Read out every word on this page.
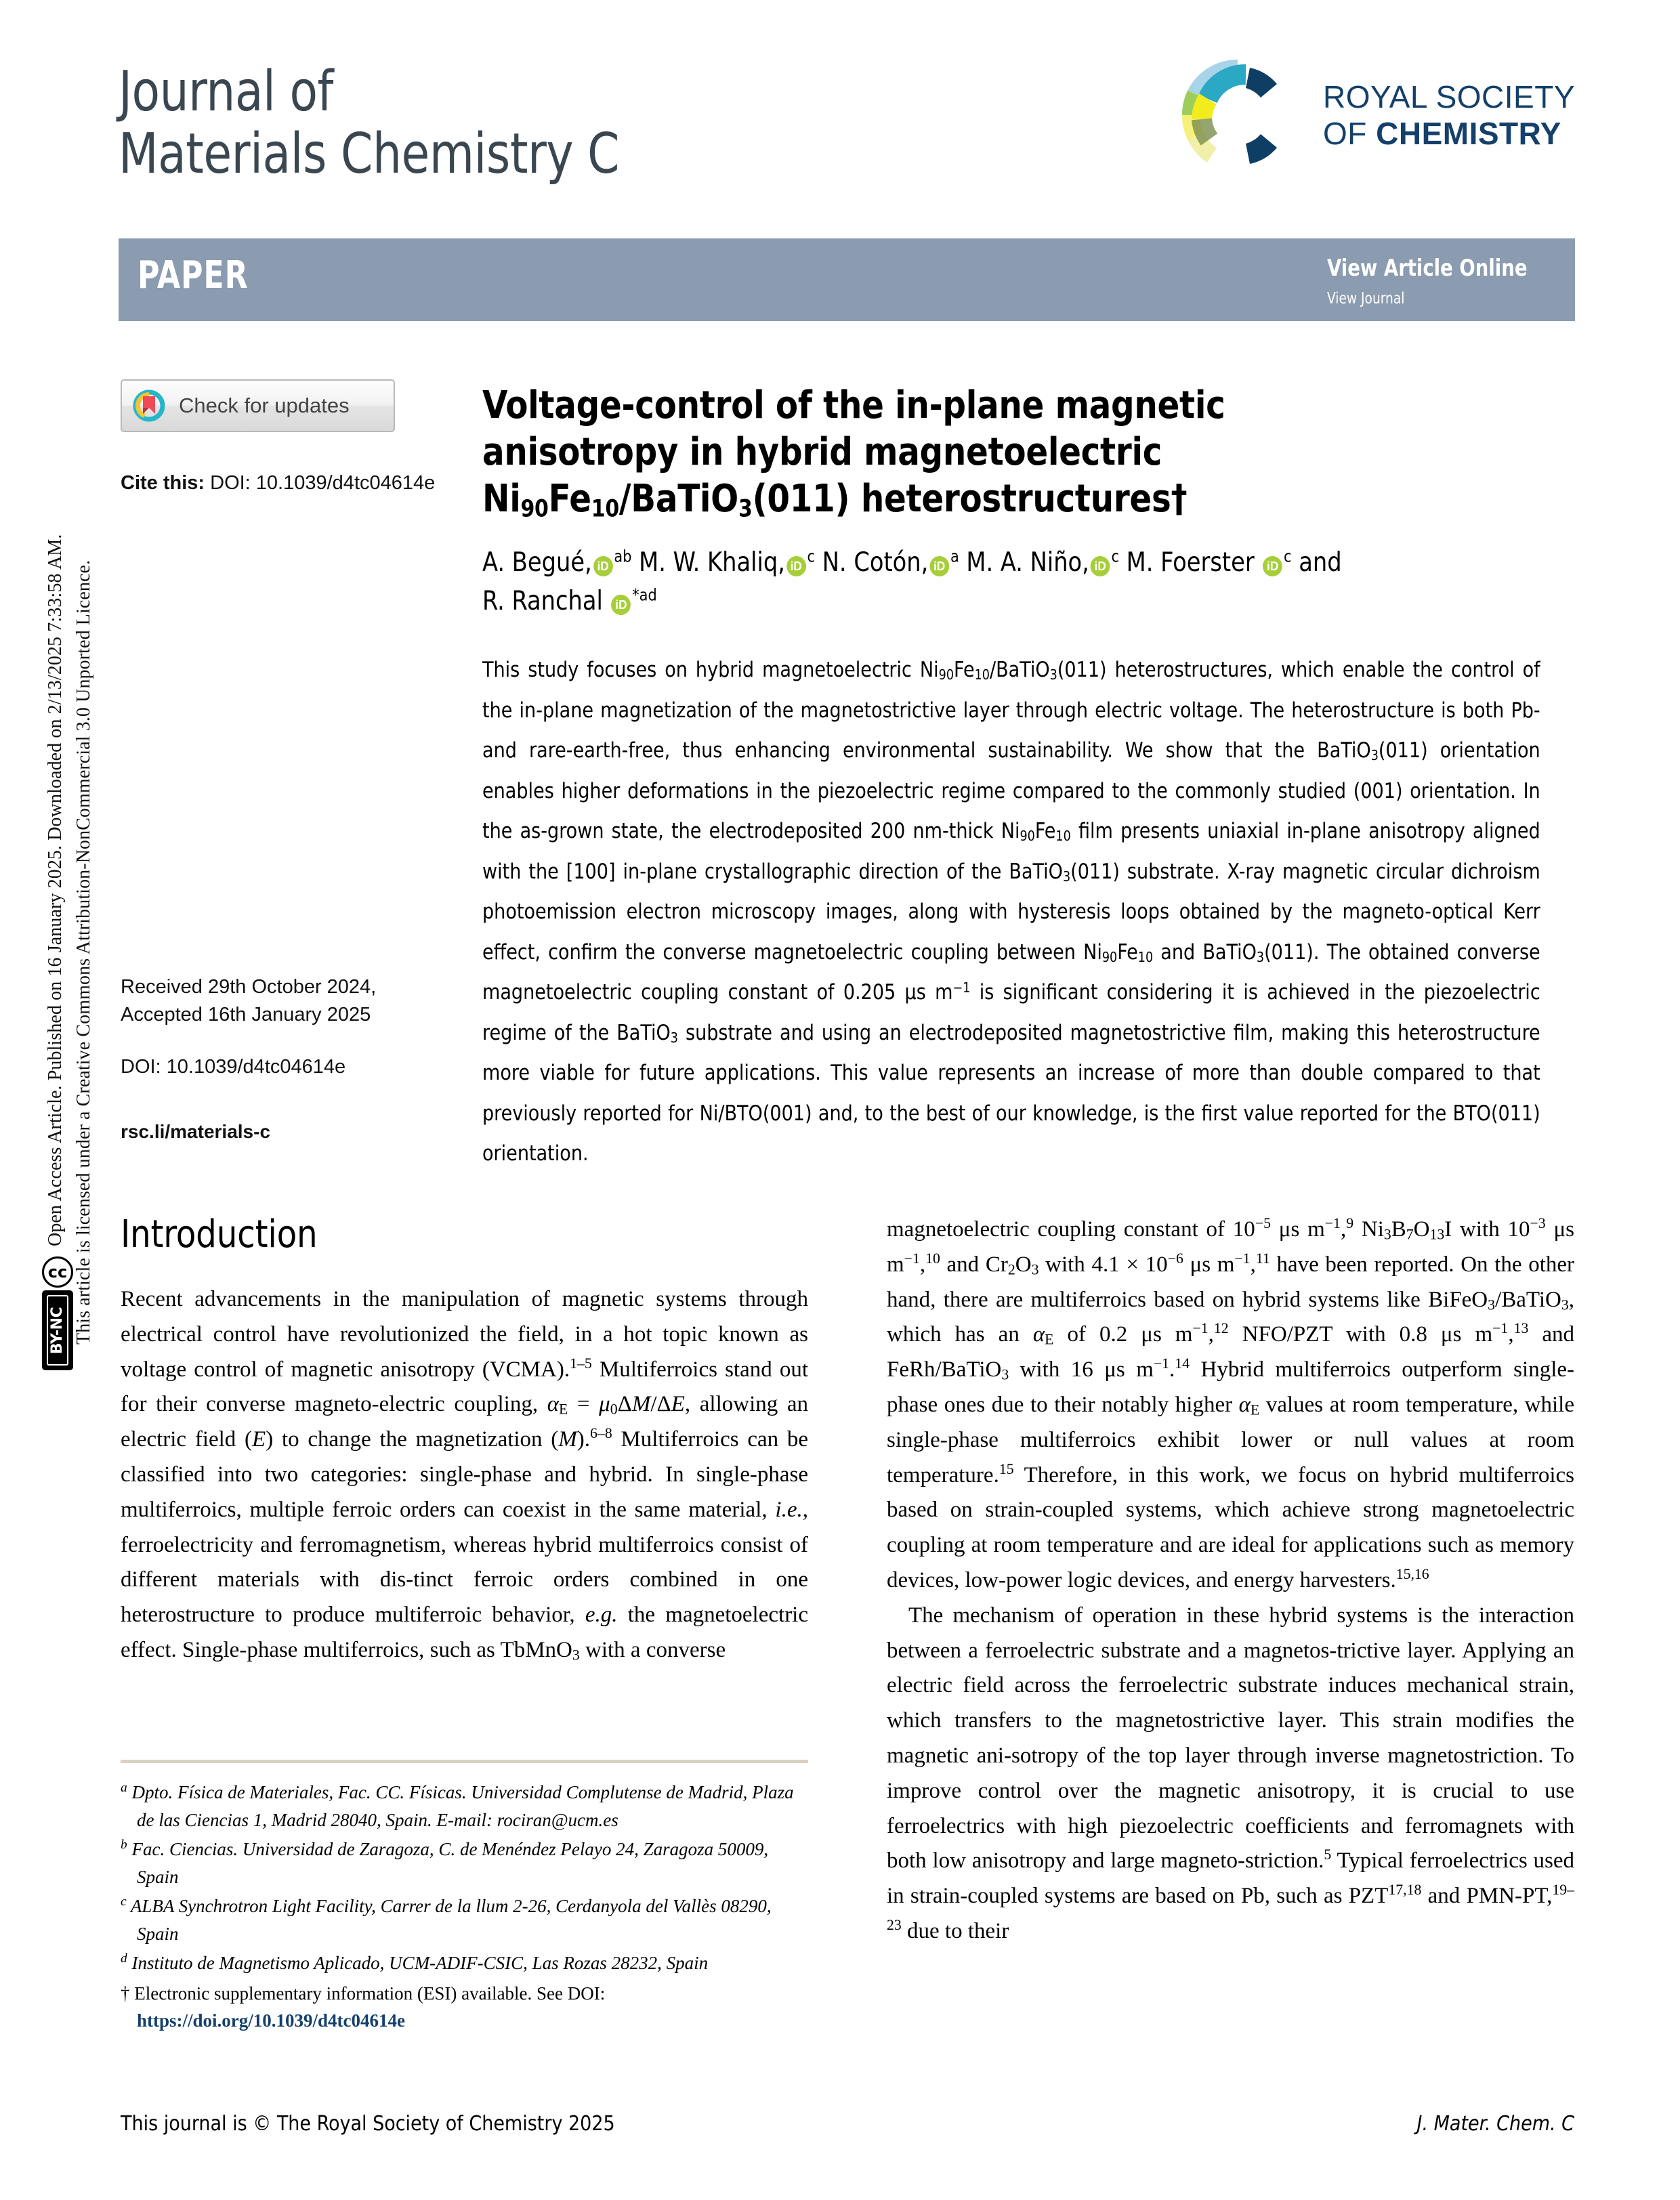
Open Access Article. Published on 16 January 2025. Downloaded on 2/13/2025 7:33:58 AM. This article is licensed under a Creative Commons Attribution-NonCommercial 3.0 Unported Licence.
cc
BY-NC
Journal of
Materials Chemistry C
ROYAL SOCIETY
OF CHEMISTRY
PAPER	View Article Online
View Journal
Check for updates
Cite this: DOI: 10.1039/d4tc04614e
Received 29th October 2024,
Accepted 16th January 2025
DOI: 10.1039/d4tc04614e
rsc.li/materials-c
Voltage-control of the in-plane magnetic
anisotropy in hybrid magnetoelectric
$Ni_{90}Fe_{10}/BaTiO_3(011)$ heterostructures†
A. Begué, iD$^{ab}$ M. W. Khaliq, iD$^c$ N. Cotón, iD$^a$ M. A. Niño, iD$^c$ M. Foerster iD$^c$ and
R. Ranchal iD$^{*ad}$
This study focuses on hybrid magnetoelectric $Ni_{90}Fe_{10}/BaTiO_3(011)$ heterostructures, which enable the control of the in-plane magnetization of the magnetostrictive layer through electric voltage. The heterostructure is both Pb- and rare-earth-free, thus enhancing environmental sustainability. We show that the BaTiO$_3$(011) orientation enables higher deformations in the piezoelectric regime compared to the commonly studied (001) orientation. In the as-grown state, the electrodeposited 200 nm-thick $Ni_{90}Fe_{10}$ film presents uniaxial in-plane anisotropy aligned with the [100] in-plane crystallographic direction of the BaTiO$_3$(011) substrate. X-ray magnetic circular dichroism photoemission electron microscopy images, along with hysteresis loops obtained by the magneto-optical Kerr effect, confirm the converse magnetoelectric coupling between $Ni_{90}Fe_{10}$ and BaTiO$_3$(011). The obtained converse magnetoelectric coupling constant of 0.205 μs $m^{-1}$ is significant considering it is achieved in the piezoelectric regime of the BaTiO$_3$ substrate and using an electrodeposited magnetostrictive film, making this heterostructure more viable for future applications. This value represents an increase of more than double compared to that previously reported for Ni/BTO(001) and, to the best of our knowledge, is the first value reported for the BTO(011) orientation.
Introduction

Recent advancements in the manipulation of magnetic systems through electrical control have revolutionized the field, in a hot topic known as voltage control of magnetic anisotropy (VCMA).$^{1-5}$ Multiferroics stand out for their converse magneto-electric coupling, $\alpha_E = \mu_0\Delta M/\Delta E$, allowing an electric field (E) to change the magnetization (M).$^{6-8}$ Multiferroics can be classified into two categories: single-phase and hybrid. In single-phase multiferroics, multiple ferroic orders can coexist in the same material, i.e., ferroelectricity and ferromagnetism, whereas hybrid multiferroics consist of different materials with dis-tinct ferroic orders combined in one heterostructure to produce multiferroic behavior, e.g. the magnetoelectric effect. Single-phase multiferroics, such as TbMnO$_3$ with a converse

magnetoelectric coupling constant of $10^{-5}$ μs $m^{-1},^9$ $Ni_3B_7O_{13}I$ with $10^{-3}$ μs $m^{-1},^{10}$ and $Cr_2O_3$ with $4.1 \times 10^{-6}$ μs $m^{-1},^{11}$ have been reported. On the other hand, there are multiferroics based on hybrid systems like BiFeO$_3$/BaTiO$_3$, which has an $\alpha_E$ of 0.2 μs $m^{-1},^{12}$ NFO/PZT with 0.8 μs $m^{-1},^{13}$ and FeRh/BaTiO$_3$ with 16 μs $m^{-1}.^{14}$ Hybrid multiferroics outperform single-phase ones due to their notably higher $\alpha_E$ values at room temperature, while single-phase multiferroics exhibit lower or null values at room temperature.$^{15}$ Therefore, in this work, we focus on hybrid multiferroics based on strain-coupled systems, which achieve strong magnetoelectric coupling at room temperature and are ideal for applications such as memory devices, low-power logic devices, and energy harvesters.$^{15,16}$

The mechanism of operation in these hybrid systems is the interaction between a ferroelectric substrate and a magnetos-trictive layer. Applying an electric field across the ferroelectric substrate induces mechanical strain, which transfers to the magnetostrictive layer. This strain modifies the magnetic ani-sotropy of the top layer through inverse magnetostriction. To improve control over the magnetic anisotropy, it is crucial to use ferroelectrics with high piezoelectric coefficients and ferromagnets with both low anisotropy and large magneto-striction.$^5$ Typical ferroelectrics used in strain-coupled systems are based on Pb, such as PZT$^{17,18}$ and PMN-PT,$^{19-23}$ due to their

$^a$ Dpto. Física de Materiales, Fac. CC. Físicas. Universidad Complutense de Madrid, Plaza de las Ciencias 1, Madrid 28040, Spain. E-mail: rociran@ucm.es
$^b$ Fac. Ciencias. Universidad de Zaragoza, C. de Menéndez Pelayo 24, Zaragoza 50009, Spain
$^c$ ALBA Synchrotron Light Facility, Carrer de la llum 2-26, Cerdanyola del Vallès 08290, Spain
$^d$ Instituto de Magnetismo Aplicado, UCM-ADIF-CSIC, Las Rozas 28232, Spain
† Electronic supplementary information (ESI) available. See DOI: https://doi.org/10.1039/d4tc04614e
This journal is © The Royal Society of Chemistry 2025	J. Mater. Chem. C
